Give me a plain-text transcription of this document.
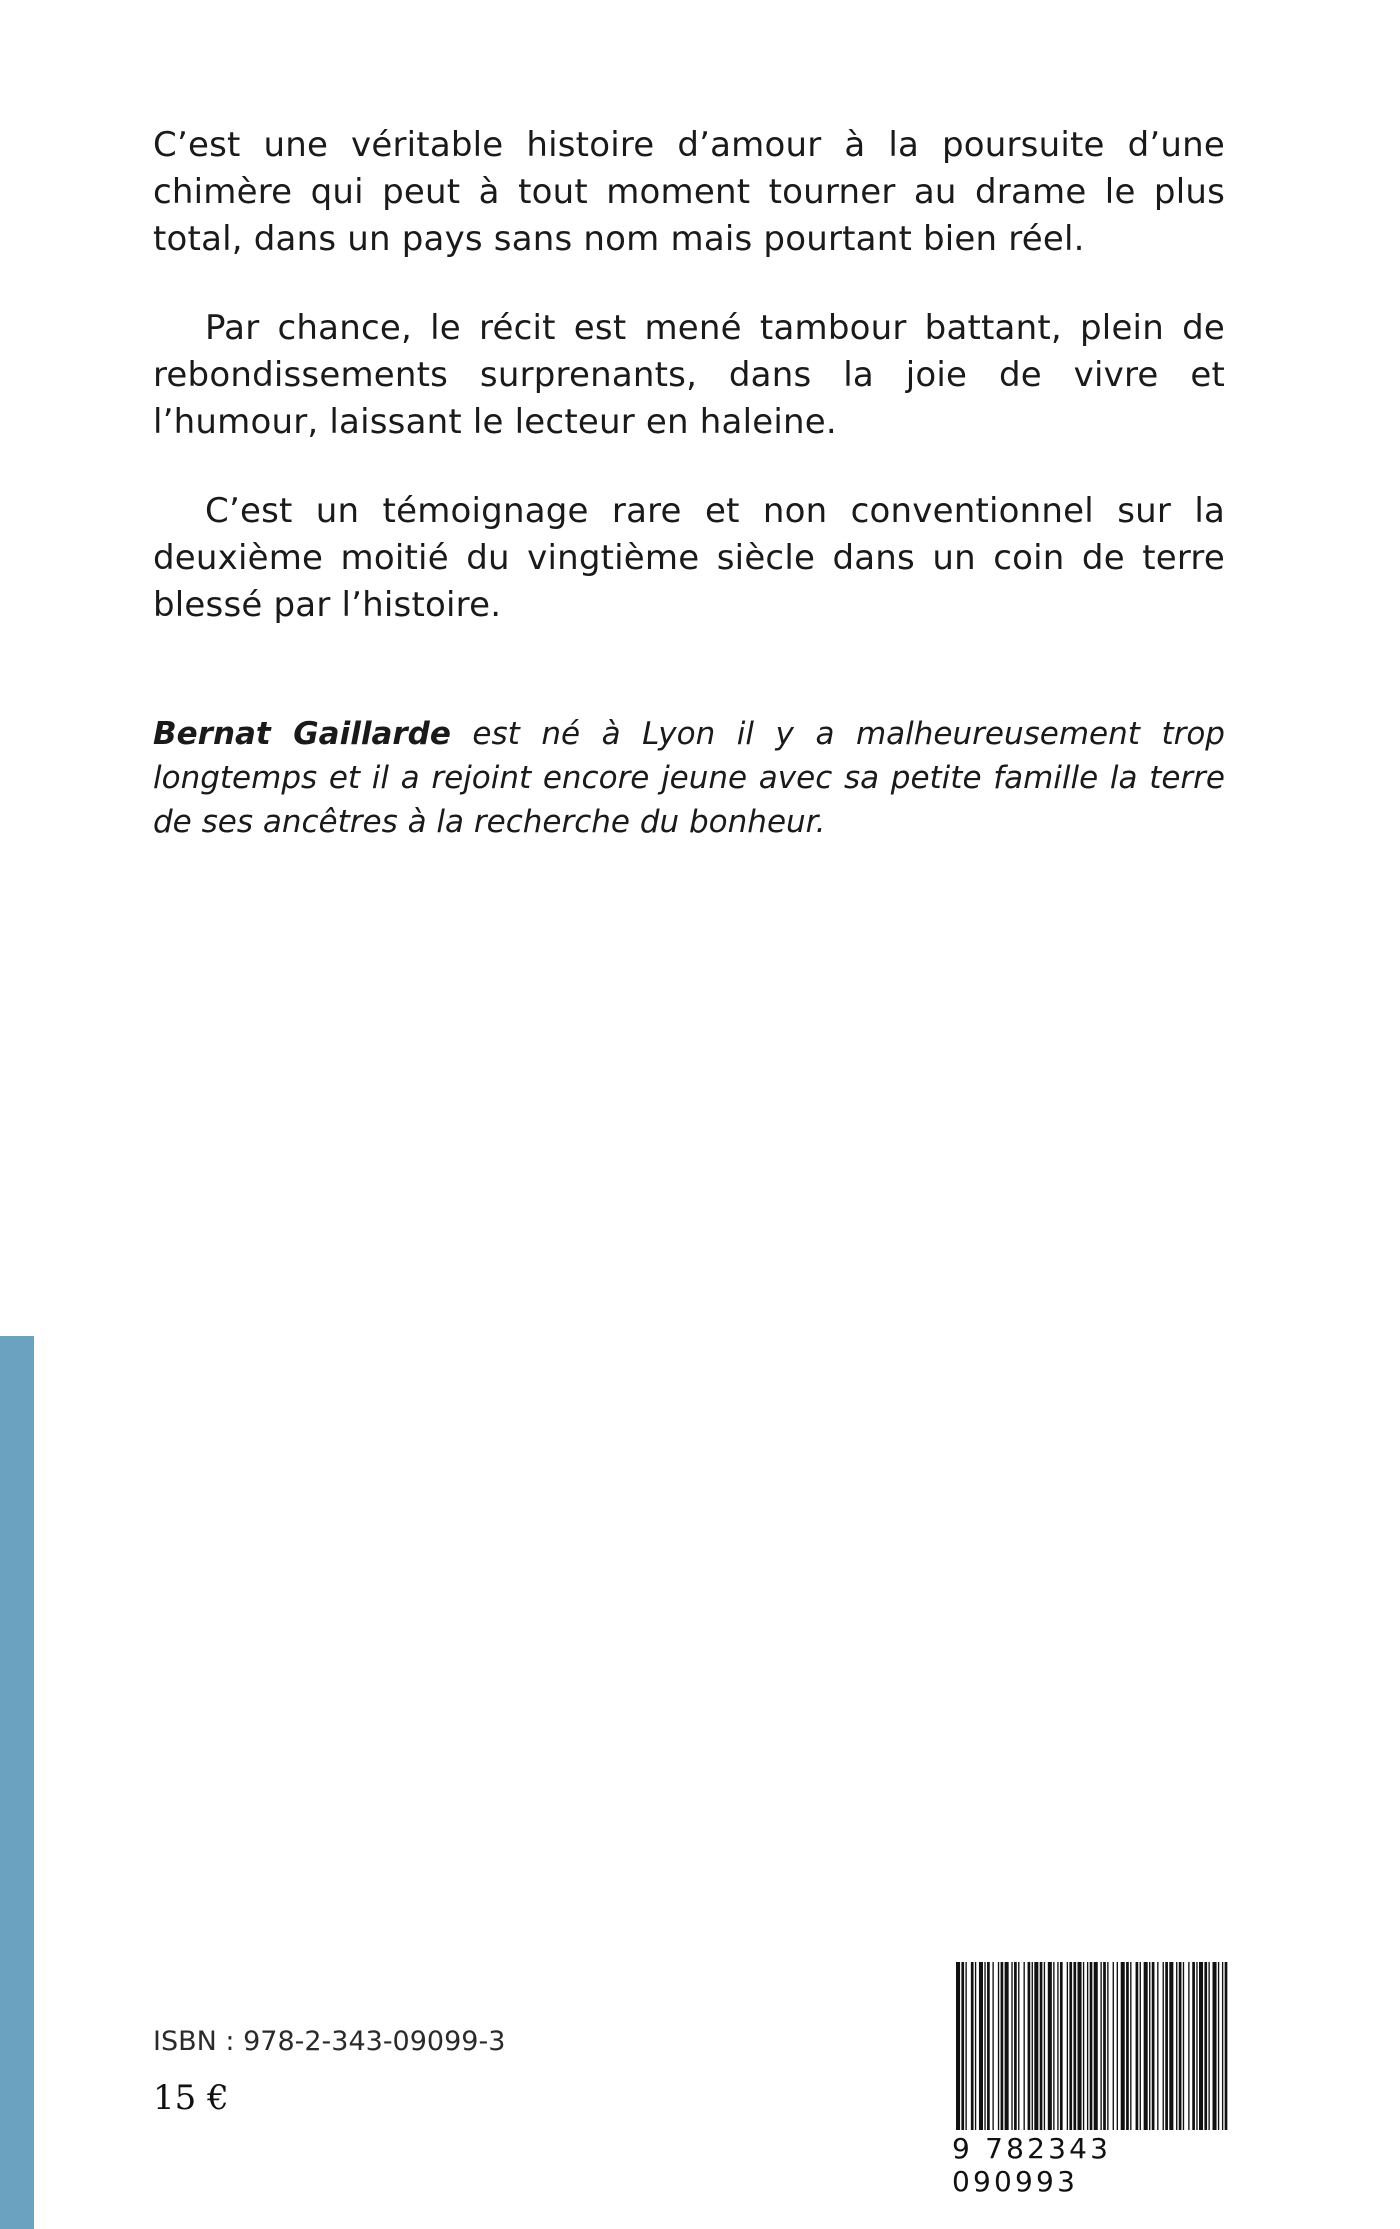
C’est une véritable histoire d’amour à la poursuite d’une chimère qui peut à tout moment tourner au drame le plus total, dans un pays sans nom mais pourtant bien réel.

Par chance, le récit est mené tambour battant, plein de rebondissements surprenants, dans la joie de vivre et l’humour, laissant le lecteur en haleine.

C’est un témoignage rare et non conventionnel sur la deuxième moitié du vingtième siècle dans un coin de terre blessé par l’histoire.

Bernat Gaillarde est né à Lyon il y a malheureusement trop longtemps et il a rejoint encore jeune avec sa petite famille la terre de ses ancêtres à la recherche du bonheur.
ISBN : 978-2-343-09099-3
15 €
9 782343 090993
